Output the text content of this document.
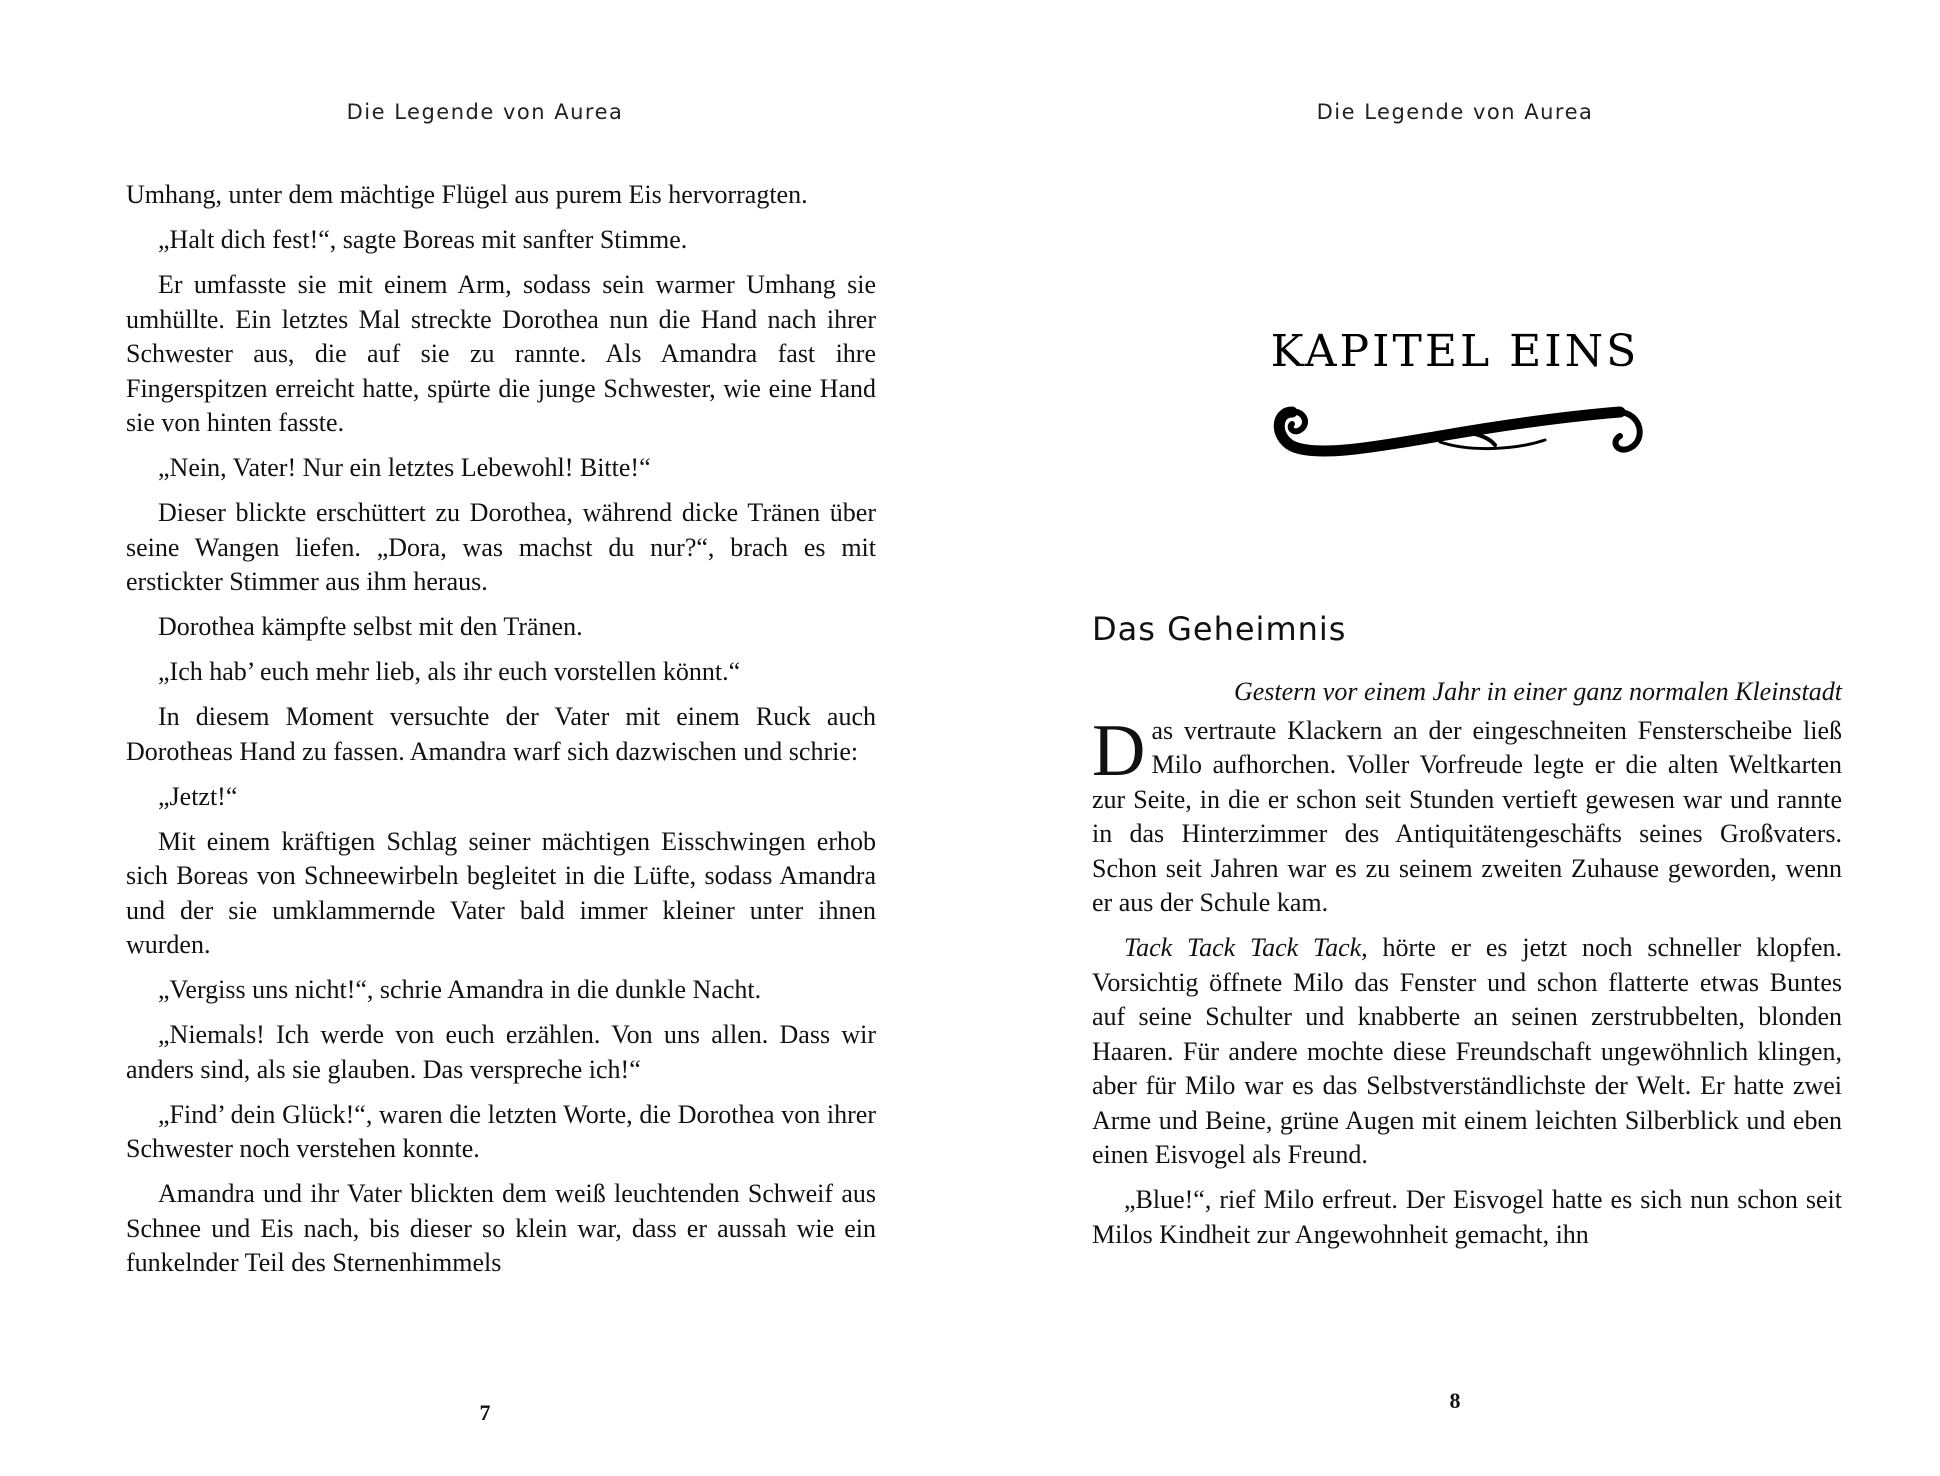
Die Legende von Aurea

Umhang, unter dem mächtige Flügel aus purem Eis hervorragten.

„Halt dich fest!“, sagte Boreas mit sanfter Stimme.

Er umfasste sie mit einem Arm, sodass sein warmer Umhang sie umhüllte. Ein letztes Mal streckte Dorothea nun die Hand nach ihrer Schwester aus, die auf sie zu rannte. Als Amandra fast ihre Fingerspitzen erreicht hatte, spürte die junge Schwester, wie eine Hand sie von hinten fasste.

„Nein, Vater! Nur ein letztes Lebewohl! Bitte!“

Dieser blickte erschüttert zu Dorothea, während dicke Tränen über seine Wangen liefen. „Dora, was machst du nur?“, brach es mit erstickter Stimmer aus ihm heraus.

Dorothea kämpfte selbst mit den Tränen.

„Ich hab’ euch mehr lieb, als ihr euch vorstellen könnt.“

In diesem Moment versuchte der Vater mit einem Ruck auch Dorotheas Hand zu fassen. Amandra warf sich dazwischen und schrie:

„Jetzt!“

Mit einem kräftigen Schlag seiner mächtigen Eisschwingen erhob sich Boreas von Schneewirbeln begleitet in die Lüfte, sodass Amandra und der sie umklammernde Vater bald immer kleiner unter ihnen wurden.

„Vergiss uns nicht!“, schrie Amandra in die dunkle Nacht.

„Niemals! Ich werde von euch erzählen. Von uns allen. Dass wir anders sind, als sie glauben. Das verspreche ich!“

„Find’ dein Glück!“, waren die letzten Worte, die Dorothea von ihrer Schwester noch verstehen konnte.

Amandra und ihr Vater blickten dem weiß leuchtenden Schweif aus Schnee und Eis nach, bis dieser so klein war, dass er aussah wie ein funkelnder Teil des Sternenhimmels

7
Die Legende von Aurea
KAPITEL EINS
Das Geheimnis

Gestern vor einem Jahr in einer ganz normalen Kleinstadt

Das vertraute Klackern an der eingeschneiten Fensterscheibe ließ Milo aufhorchen. Voller Vorfreude legte er die alten Weltkarten zur Seite, in die er schon seit Stunden vertieft gewesen war und rannte in das Hinterzimmer des Antiquitätengeschäfts seines Großvaters. Schon seit Jahren war es zu seinem zweiten Zuhause geworden, wenn er aus der Schule kam.

Tack Tack Tack Tack, hörte er es jetzt noch schneller klopfen. Vorsichtig öffnete Milo das Fenster und schon flatterte etwas Buntes auf seine Schulter und knabberte an seinen zerstrubbelten, blonden Haaren. Für andere mochte diese Freundschaft ungewöhnlich klingen, aber für Milo war es das Selbstverständlichste der Welt. Er hatte zwei Arme und Beine, grüne Augen mit einem leichten Silberblick und eben einen Eisvogel als Freund.

„Blue!“, rief Milo erfreut. Der Eisvogel hatte es sich nun schon seit Milos Kindheit zur Angewohnheit gemacht, ihn

8
